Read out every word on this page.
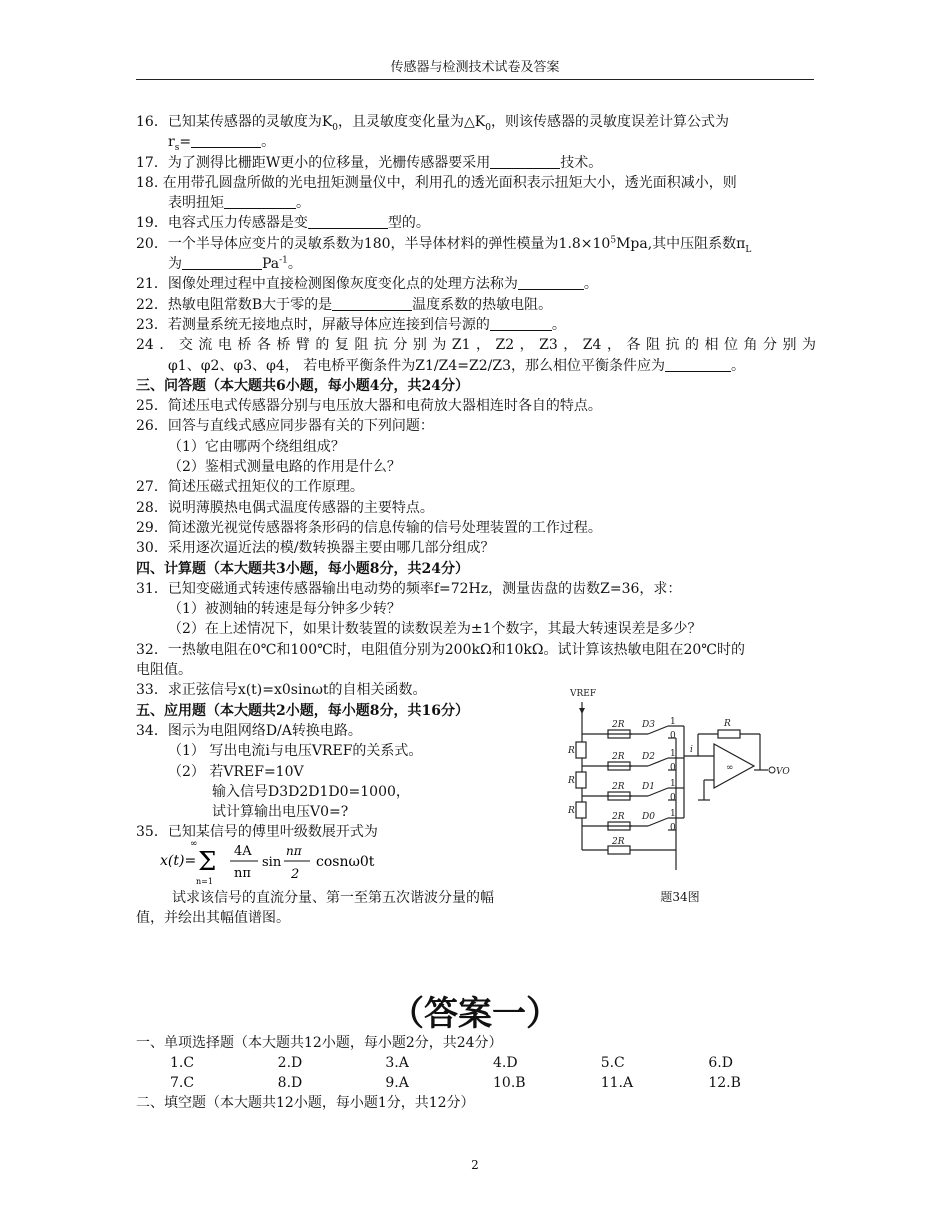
传感器与检测技术试卷及答案
16．已知某传感器的灵敏度为$K_0$，且灵敏度变化量为$\triangle K_0$，则该传感器的灵敏度误差计算公式为
$r_s=$	。
17．为了测得比栅距W更小的位移量，光栅传感器要采用	技术。
18. 在用带孔圆盘所做的光电扭矩测量仪中，利用孔的透光面积表示扭矩大小，透光面积减小，则
表明扭矩	。
19．电容式压力传感器是变	型的。
20．一个半导体应变片的灵敏系数为180，半导体材料的弹性模量为$1.8\times 10^5Mpa$,其中压阻系数$\pi_L$
为	$Pa^{-1}$。
21．图像处理过程中直接检测图像灰度变化点的处理方法称为	。
22．热敏电阻常数B大于零的是	温度系数的热敏电阻。
23．若测量系统无接地点时，屏蔽导体应连接到信号源的	。
24．交流电桥各桥臂的复阻抗分别为Z1，Z2，Z3，Z4，各阻抗的相位角分别为
φ1、φ2、φ3、φ4， 若电桥平衡条件为Z1/Z4=Z2/Z3，那么相位平衡条件应为	。
三、问答题（本大题共6小题，每小题4分，共24分）
25．简述压电式传感器分别与电压放大器和电荷放大器相连时各自的特点。
26．回答与直线式感应同步器有关的下列问题：
（1）它由哪两个绕组组成？
（2）鉴相式测量电路的作用是什么？
27．简述压磁式扭矩仪的工作原理。
28．说明薄膜热电偶式温度传感器的主要特点。
29．简述激光视觉传感器将条形码的信息传输的信号处理装置的工作过程。
30．采用逐次逼近法的模/数转换器主要由哪几部分组成？
四、计算题（本大题共3小题，每小题8分，共24分）
31．已知变磁通式转速传感器输出电动势的频率f=72Hz，测量齿盘的齿数Z=36，求：
（1）被测轴的转速是每分钟多少转？
（2）在上述情况下，如果计数装置的读数误差为±1个数字，其最大转速误差是多少？
32．一热敏电阻在0℃和100℃时，电阻值分别为200kΩ和10kΩ。试计算该热敏电阻在20℃时的
电阻值。
33．求正弦信号x(t)=x0sinωt的自相关函数。
五、应用题（本大题共2小题，每小题8分，共16分）
34．图示为电阻网络D/A转换电路。
（1） 写出电流i与电压VREF的关系式。
（2） 若VREF=10V
输入信号D3D2D1D0=1000，
试计算输出电压V0=?
35．已知某信号的傅里叶级数展开式为
x(t)=
∞
Σ
n=1
4A
nπ
sin
nπ
2
cosnω0t
VREF
2R
2R
2R
2R
2R
R
R
R
R
D3
D2
D1
D0
1
0
1
0
1
0
1
0
i
∞	VO
题34图
试求该信号的直流分量、第一至第五次谐波分量的幅
值，并绘出其幅值谱图。
（答案一）
一、单项选择题（本大题共12小题，每小题2分，共24分）
1.C	2.D	3.A	4.D	5.C	6.D
7.C	8.D	9.A	10.B	11.A	12.B
二、填空题（本大题共12小题，每小题1分，共12分）
2
